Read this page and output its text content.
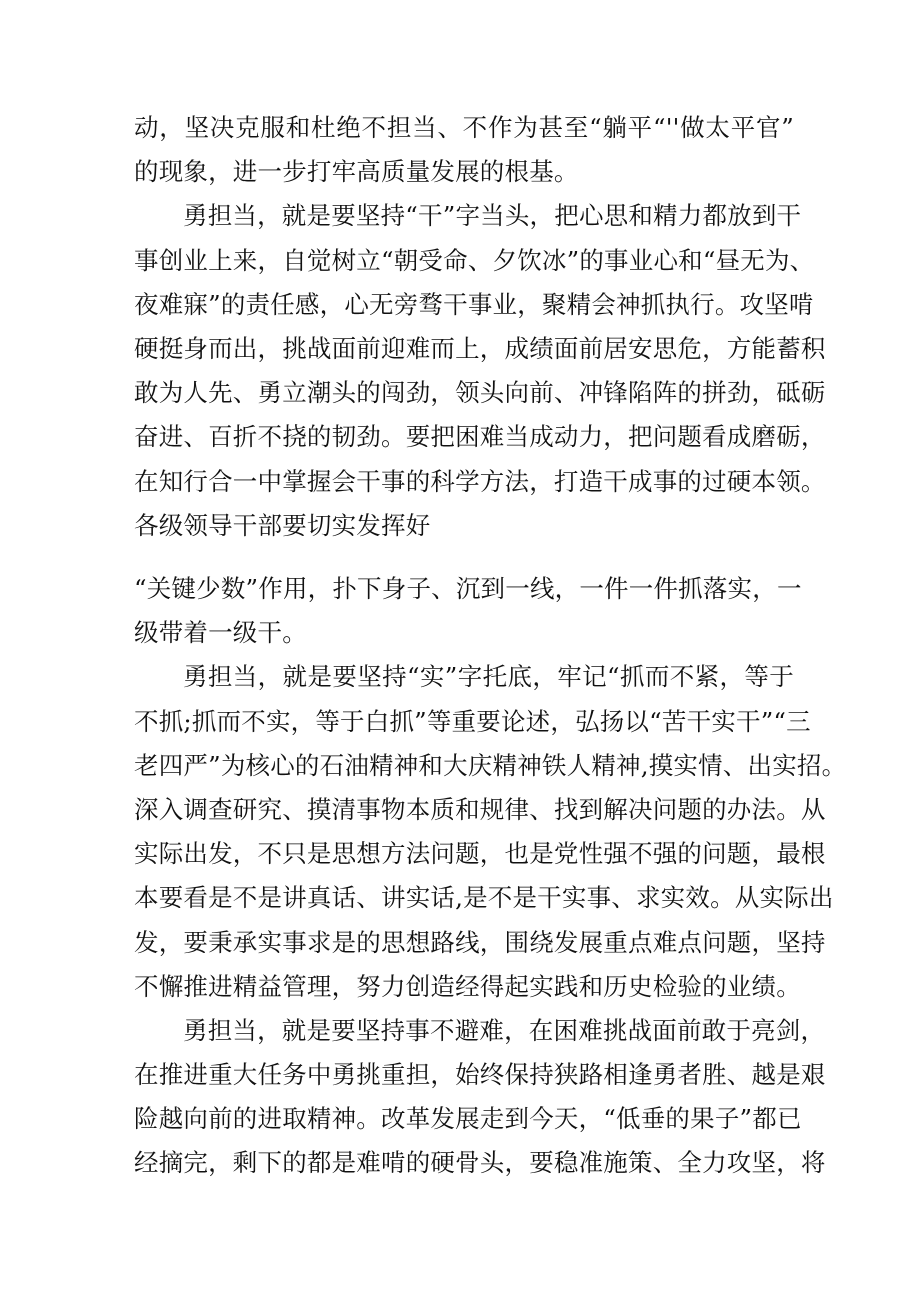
动，坚决克服和杜绝不担当、不作为甚至“躺平“''做太平官”
的现象，进一步打牢高质量发展的根基。
勇担当，就是要坚持“干”字当头，把心思和精力都放到干
事创业上来，自觉树立“朝受命、夕饮冰”的事业心和“昼无为、
夜难寐”的责任感，心无旁骛干事业，聚精会神抓执行。攻坚啃
硬挺身而出，挑战面前迎难而上，成绩面前居安思危，方能蓄积
敢为人先、勇立潮头的闯劲，领头向前、冲锋陷阵的拼劲，砥砺
奋进、百折不挠的韧劲。要把困难当成动力，把问题看成磨砺，
在知行合一中掌握会干事的科学方法，打造干成事的过硬本领。
各级领导干部要切实发挥好
“关键少数”作用，扑下身子、沉到一线，一件一件抓落实，一
级带着一级干。
勇担当，就是要坚持“实”字托底，牢记“抓而不紧，等于
不抓;抓而不实，等于白抓”等重要论述，弘扬以“苦干实干”“三
老四严”为核心的石油精神和大庆精神铁人精神,摸实情、出实招。
深入调查研究、摸清事物本质和规律、找到解决问题的办法。从
实际出发，不只是思想方法问题，也是党性强不强的问题，最根
本要看是不是讲真话、讲实话,是不是干实事、求实效。从实际出
发，要秉承实事求是的思想路线，围绕发展重点难点问题，坚持
不懈推进精益管理，努力创造经得起实践和历史检验的业绩。
勇担当，就是要坚持事不避难，在困难挑战面前敢于亮剑，
在推进重大任务中勇挑重担，始终保持狭路相逢勇者胜、越是艰
险越向前的进取精神。改革发展走到今天，“低垂的果子”都已
经摘完，剩下的都是难啃的硬骨头，要稳准施策、全力攻坚，将
